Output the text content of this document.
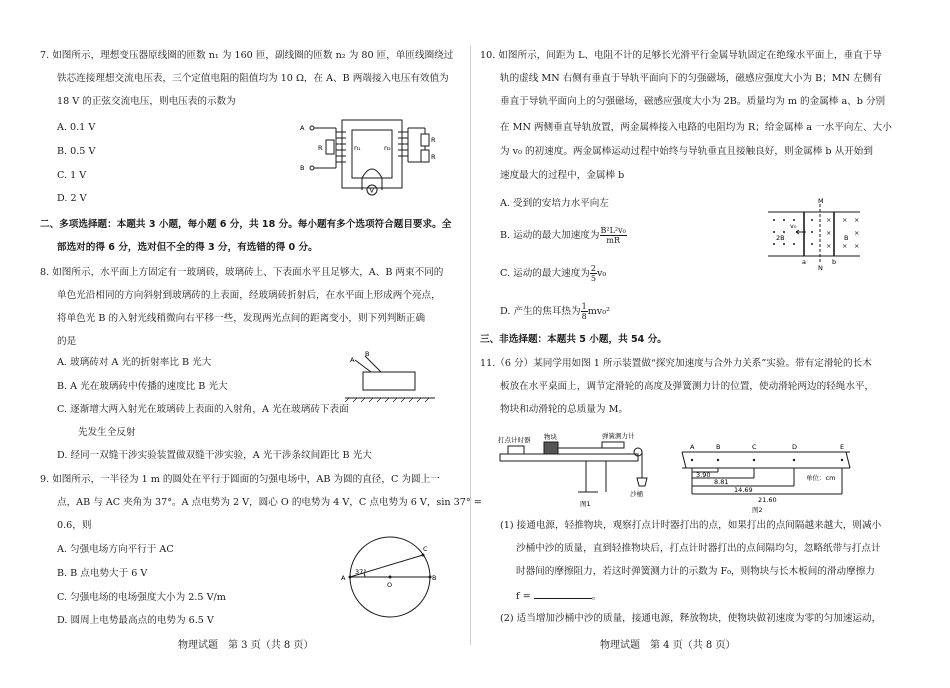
7. 如图所示，理想变压器原线圈的匝数 n₁ 为 160 匝，副线圈的匝数 n₂ 为 80 匝，单匝线圈绕过
铁芯连接理想交流电压表，三个定值电阻的阻值均为 10 Ω，在 A、B 两端接入电压有效值为
18 V 的正弦交流电压，则电压表的示数为
A. 0.1 V
B. 0.5 V
C. 1 V
D. 2 V
A
B
n₁	n₂
R
R
R
V
二、多项选择题：本题共 3 小题，每小题 6 分，共 18 分。每小题有多个选项符合题目要求。全
部选对的得 6 分，选对但不全的得 3 分，有选错的得 0 分。
8. 如图所示，水平面上方固定有一玻璃砖，玻璃砖上、下表面水平且足够大，A、B 两束不同的
单色光沿相同的方向斜射到玻璃砖的上表面，经玻璃砖折射后，在水平面上形成两个亮点，
将单色光 B 的入射光线稍微向右平移一些，发现两光点间的距离变小，则下列判断正确
的是
A. 玻璃砖对 A 光的折射率比 B 光大
B. A 光在玻璃砖中传播的速度比 B 光大
C. 逐渐增大两入射光在玻璃砖上表面的入射角，A 光在玻璃砖下表面
先发生全反射
D. 经同一双缝干涉实验装置做双缝干涉实验，A 光干涉条纹间距比 B 光大
A
B
9. 如图所示，一半径为 1 m 的圆处在平行于圆面的匀强电场中，AB 为圆的直径，C 为圆上一
点，AB 与 AC 夹角为 37°。A 点电势为 2 V，圆心 O 的电势为 4 V，C 点电势为 6 V，sin 37° =
0.6，则
A. 匀强电场方向平行于 AC
B. B 点电势大于 6 V
C. 匀强电场的电场强度大小为 2.5 V/m
D. 圆周上电势最高点的电势为 6.5 V
A	B
C
O
37°
物理试题　第 3 页（共 8 页）
10. 如图所示，间距为 L、电阻不计的足够长光滑平行金属导轨固定在绝缘水平面上，垂直于导
轨的虚线 MN 右侧有垂直于导轨平面向下的匀强磁场，磁感应强度大小为 B；MN 左侧有
垂直于导轨平面向上的匀强磁场，磁感应强度大小为 2B。质量均为 m 的金属棒 a、b 分别
在 MN 两侧垂直导轨放置，两金属棒接入电路的电阻均为 R；给金属棒 a 一水平向左、大小
为 v₀ 的初速度。两金属棒运动过程中始终与导轨垂直且接触良好，则金属棒 b 从开始到
速度最大的过程中，金属棒 b
A. 受到的安培力水平向左
B. 运动的最大加速度为 $\frac{\text{B²L²v₀}}{mR}$
C. 运动的最大速度为 $\frac{2}{5} v_0$
D. 产生的焦耳热为 $\frac{1}{8} mv_0^2$
× × ×
×	×
× × ×
M
N
2B	B
v₀
a	b
三、非选择题：本题共 5 小题，共 54 分。
11.（6 分）某同学用如图 1 所示装置做“探究加速度与合外力关系”实验。带有定滑轮的长木
板放在水平桌面上，调节定滑轮的高度及弹簧测力计的位置，使动滑轮两边的轻绳水平，
物块和动滑轮的总质量为 M。
打点计时器 物块	弹簧测力计
沙桶
图1
A	B	C	D	E
3.90
8.81
14.69
21.60
单位：cm
图2
(1) 接通电源，轻推物块，观察打点计时器打出的点，如果打出的点间隔越来越大，则减小
沙桶中沙的质量，直到轻推物块后，打点计时器打出的点间隔均匀，忽略纸带与打点计
时器间的摩擦阻力，若这时弹簧测力计的示数为 F₀，则物块与长木板间的滑动摩擦力
f =	。
(2) 适当增加沙桶中沙的质量，接通电源，释放物块，使物块做初速度为零的匀加速运动，
物理试题　第 4 页（共 8 页）
